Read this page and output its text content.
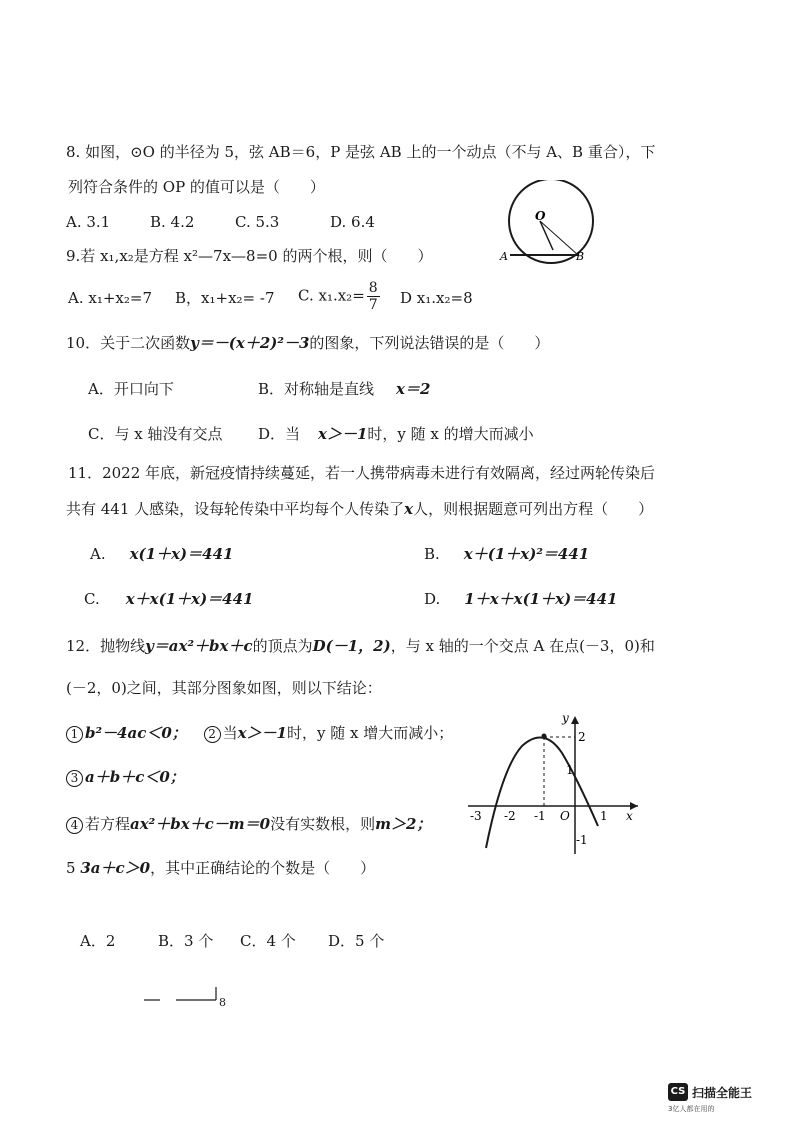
8. 如图，⊙O 的半径为 5，弦 AB＝6，P 是弦 AB 上的一个动点（不与 A、B 重合），下
列符合条件的 OP 的值可以是（　　）
A. 3.1	B. 4.2	C. 5.3	D. 6.4	O
A	B
9.若 x₁,x₂是方程 x²—7x—8=0 的两个根，则（　　）
A. x₁+x₂=7 B，x₁+x₂= -7 C. $x_1.x_2= \frac{8}{7}$ D x₁.x₂=8
10．关于二次函数y＝－(x＋2)²－3的图象，下列说法错误的是（　　）
A．开口向下	B．对称轴是直线 x＝2
C．与 x 轴没有交点 D．当 x＞－1时，y 随 x 的增大而减小
11．2022 年底，新冠疫情持续蔓延，若一人携带病毒未进行有效隔离，经过两轮传染后
共有 441 人感染，设每轮传染中平均每个人传染了x人，则根据题意可列出方程（　　）
A. x(1＋x)＝441	B. x＋(1＋x)²＝441
C. x＋x(1＋x)＝441	D. 1＋x＋x(1＋x)＝441
12．抛物线y＝ax²＋bx＋c的顶点为D(－1，2)，与 x 轴的一个交点 A 在点(－3，0)和
(－2，0)之间，其部分图象如图，则以下结论：
1 b²－4ac＜0； 2 当x＞－1时，y 随 x 增大而减小；
3 a＋b＋c＜0；
4 若方程ax²＋bx＋c－m＝0没有实数根，则m＞2；
5 3a＋c＞0，其中正确结论的个数是（　　）
y
x
O
2
1
-1
-3 -2 -1	1
A．2	B．3 个 C．4 个 D．5 个
8
CS 扫描全能王
3亿人都在用的
